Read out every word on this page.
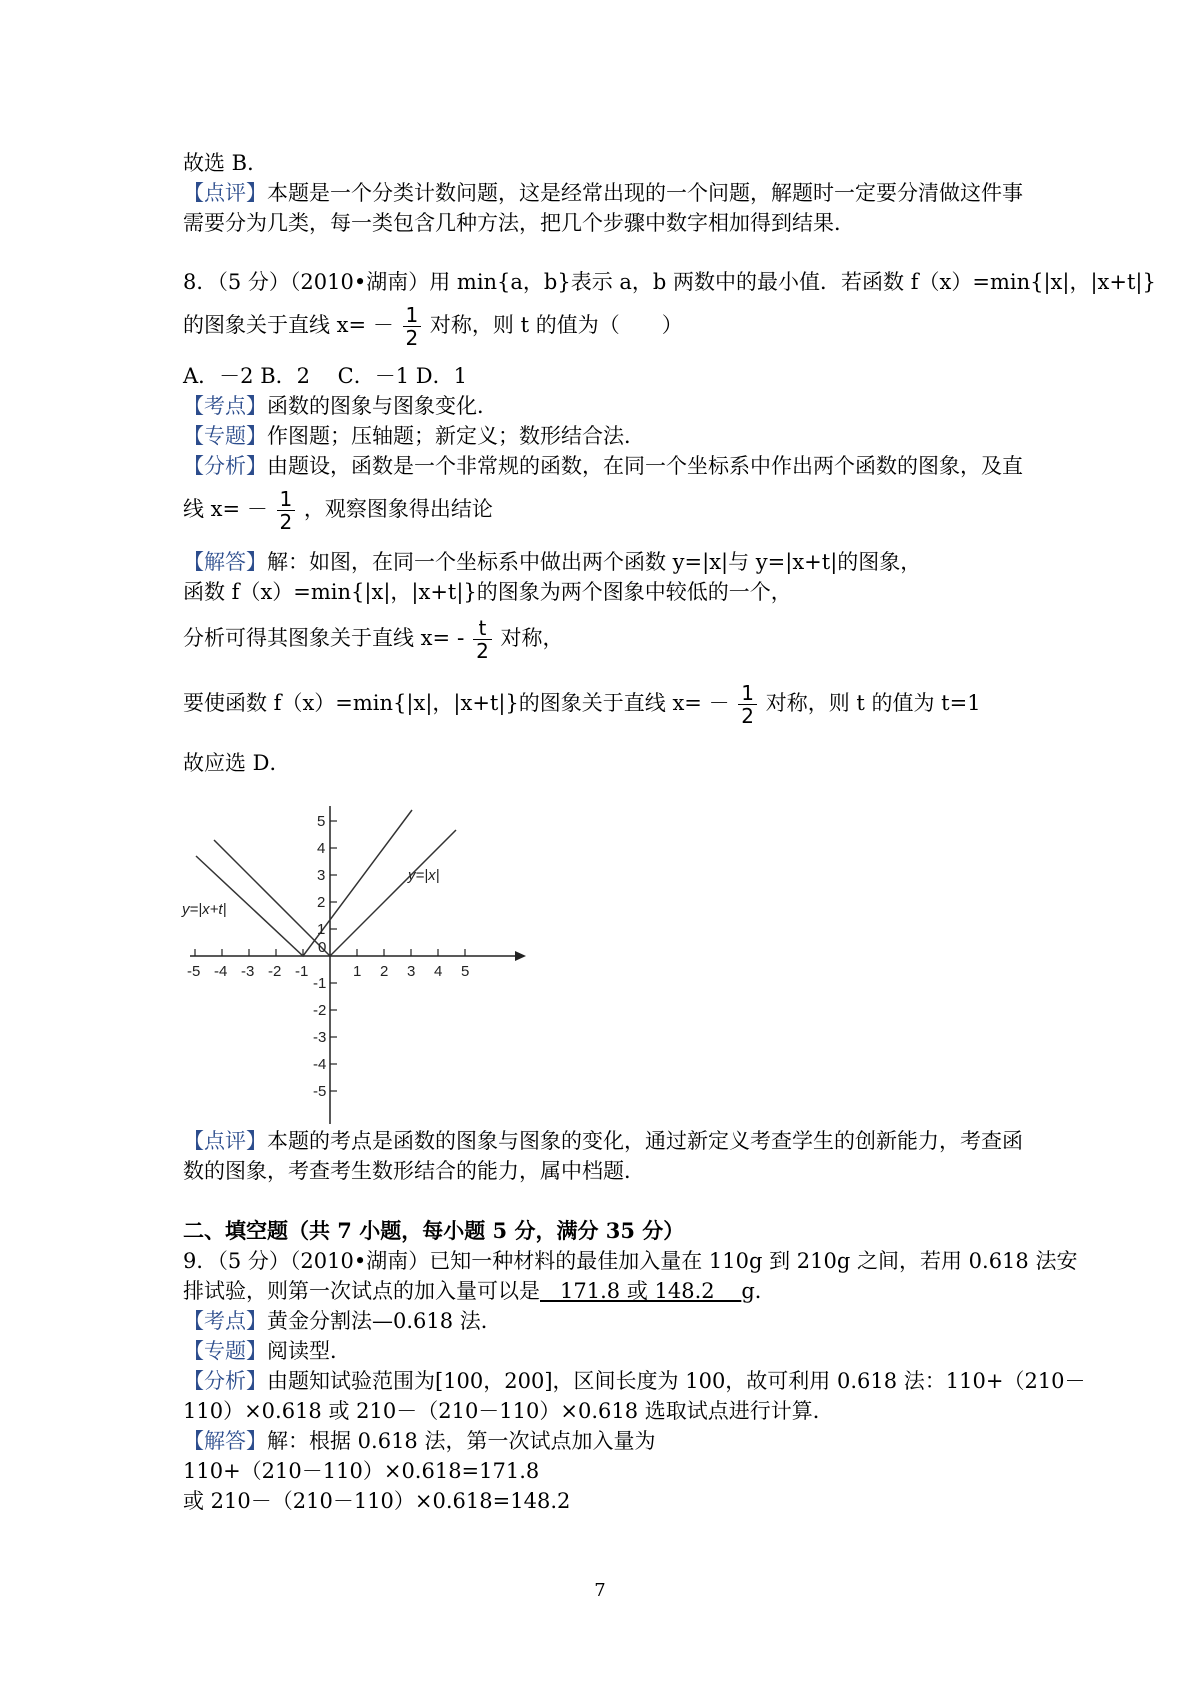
故选 B．
【点评】本题是一个分类计数问题，这是经常出现的一个问题，解题时一定要分清做这件事
需要分为几类，每一类包含几种方法，把几个步骤中数字相加得到结果．
8．（5 分）（2010•湖南）用 min{a，b}表示 a，b 两数中的最小值．若函数 f（x）=min{|x|，|x+t|}
的图象关于直线 $x= - \frac{1}{2}$ 对称，则 t 的值为（　　）
A．－2 B．2　 C．－1 D．1
【考点】函数的图象与图象变化．
【专题】作图题；压轴题；新定义；数形结合法．
【分析】由题设，函数是一个非常规的函数，在同一个坐标系中作出两个函数的图象，及直
线 $x= - \frac{1}{2}$ ，观察图象得出结论
【解答】解：如图，在同一个坐标系中做出两个函数 y=|x|与 y=|x+t|的图象，
函数 f（x）=min{|x|，|x+t|}的图象为两个图象中较低的一个，
分析可得其图象关于直线 $x= - \frac{t}{2}$ 对称，
要使函数 f（x）=min{|x|，|x+t|}的图象关于直线 $x= - \frac{1}{2}$ 对称，则 t 的值为 t=1
故应选 D．
-5 -4 -3 -2 -1
0
1 2 3 4 5
5
4
3
2
1
-1
-2
-3
-4
-5
y=|x+t|
y=|x|
【点评】本题的考点是函数的图象与图象的变化，通过新定义考查学生的创新能力，考查函
数的图象，考查考生数形结合的能力，属中档题．
二、填空题（共 7 小题，每小题 5 分，满分 35 分）
9．（5 分）（2010•湖南）已知一种材料的最佳加入量在 110g 到 210g 之间，若用 0.618 法安
排试验，则第一次试点的加入量可以是   171.8 或 148.2    g．
【考点】黄金分割法—0.618 法．
【专题】阅读型．
【分析】由题知试验范围为[100，200]，区间长度为 100，故可利用 0.618 法：110+（210－
110）×0.618 或 210－（210－110）×0.618 选取试点进行计算．
【解答】解：根据 0.618 法，第一次试点加入量为
110+（210－110）×0.618=171.8
或 210－（210－110）×0.618=148.2
7
